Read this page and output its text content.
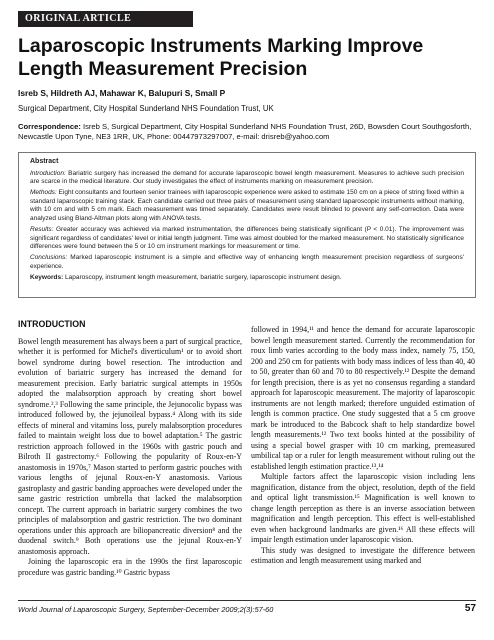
ORIGINAL ARTICLE
Laparoscopic Instruments Marking Improve Length Measurement Precision
Isreb S, Hildreth AJ, Mahawar K, Balupuri S, Small P
Surgical Department, City Hospital Sunderland NHS Foundation Trust, UK
Correspondence: Isreb S, Surgical Department, City Hospital Sunderland NHS Foundation Trust, 26D, Bowsden Court Southgosforth, Newcastle Upon Tyne, NE3 1RR, UK, Phone: 00447973297007, e-mail: drisreb@yahoo.com
Abstract

Introduction: Bariatric surgery has increased the demand for accurate laparoscopic bowel length measurement. Measures to achieve such precision are scarce in the medical literature. Our study investigates the effect of instruments marking on measurement precision.

Methods: Eight consultants and fourteen senior trainees with laparoscopic experience were asked to estimate 150 cm on a piece of string fixed within a standard laparoscopic training stack. Each candidate carried out three pairs of measurement using standard laparoscopic instruments without marking, with 10 cm and with 5 cm mark. Each measurement was timed separately. Candidates were result blinded to prevent any self-correction. Data were analyzed using Bland-Altman plots along with ANOVA tests.

Results: Greater accuracy was achieved via marked instrumentation, the differences being statistically significant (P < 0.01). The improvement was significant regardless of candidates' level or initial length judgment. Time was almost doubled for the marked measurement. No statistically significance differences were found between the 5 or 10 cm instrument markings for measurement or time.

Conclusions: Marked laparoscopic instrument is a simple and effective way of enhancing length measurement precision regardless of surgeons' experience.

Keywords: Laparoscopy, instrument length measurement, bariatric surgery, laparoscopic instrument design.

INTRODUCTION

Bowel length measurement has always been a part of surgical practice, whether it is performed for Michel's diverticulum¹ or to avoid short bowel syndrome during bowel resection. The introduction and evolution of bariatric surgery has increased the demand for measurement precision. Early bariatric surgical attempts in 1950s adopted the malabsorption approach by creating short bowel syndrome.²,³ Following the same principle, the Jejunocolic bypass was introduced followed by, the jejunoileal bypass.⁴ Along with its side effects of mineral and vitamins loss, purely malabsorption procedures failed to maintain weight loss due to bowel adaptation.⁵ The gastric restriction approach followed in the 1960s with gastric pouch and Bilroth II gastrectomy.⁶ Following the popularity of Roux-en-Y anastomosis in 1970s,⁷ Mason started to perform gastric pouches with various lengths of jejunal Roux-en-Y anastomosis. Various gastroplasty and gastric banding approaches were developed under the same gastric restriction umbrella that lacked the malabsorption concept. The current approach in bariatric surgery combines the two principles of malabsorption and gastric restriction. The two dominant operations under this approach are biliopancreatic diversion⁸ and the duodenal switch.⁹ Both operations use the jejunal Roux-en-Y anastomosis approach.

Joining the laparoscopic era in the 1990s the first laparoscopic procedure was gastric banding.¹⁰ Gastric bypass

followed in 1994,¹¹ and hence the demand for accurate laparoscopic bowel length measurement started. Currently the recommendation for roux limb varies according to the body mass index, namely 75, 150, 200 and 250 cm for patients with body mass indices of less than 40, 40 to 50, greater than 60 and 70 to 80 respectively.¹² Despite the demand for length precision, there is as yet no consensus regarding a standard approach for laparoscopic measurement. The majority of laparoscopic instruments are not length marked; therefore unguided estimation of length is common practice. One study suggested that a 5 cm groove mark be introduced to the Babcock shaft to help standardize bowel length measurements.¹² Two text books hinted at the possibility of using a special bowel grasper with 10 cm marking, premeasured umbilical tap or a ruler for length measurement without ruling out the established length estimation practice.¹³,¹⁴

Multiple factors affect the laparoscopic vision including lens magnification, distance from the object, resolution, depth of the field and optical light transmission.¹⁵ Magnification is well known to change length perception as there is an inverse association between magnification and length perception. This effect is well-established even when background landmarks are given.¹⁶ All these effects will impair length estimation under laparoscopic vision.

This study was designed to investigate the difference between estimation and length measurement using marked and

World Journal of Laparoscopic Surgery, September-December 2009;2(3):57-60	57
